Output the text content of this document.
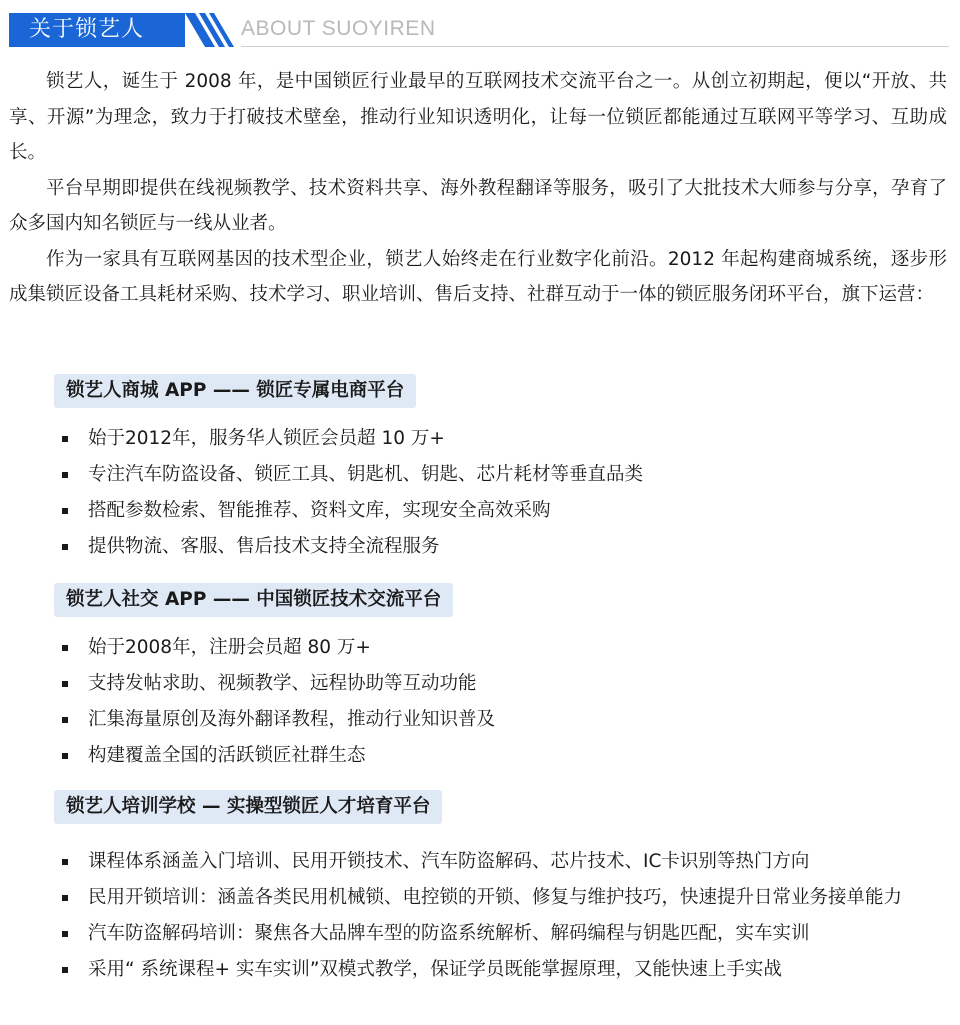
关于锁艺人	ABOUT SUOYIREN

锁艺人，诞生于 2008 年，是中国锁匠行业最早的互联网技术交流平台之一。从创立初期起，便以“开放、共享、开源”为理念，致力于打破技术壁垒，推动行业知识透明化，让每一位锁匠都能通过互联网平等学习、互助成长。

平台早期即提供在线视频教学、技术资料共享、海外教程翻译等服务，吸引了大批技术大师参与分享，孕育了众多国内知名锁匠与一线从业者。

作为一家具有互联网基因的技术型企业，锁艺人始终走在行业数字化前沿。2012 年起构建商城系统，逐步形成集锁匠设备工具耗材采购、技术学习、职业培训、售后支持、社群互动于一体的锁匠服务闭环平台，旗下运营：

锁艺人商城 APP —— 锁匠专属电商平台
始于2012年，服务华人锁匠会员超 10 万+
专注汽车防盗设备、锁匠工具、钥匙机、钥匙、芯片耗材等垂直品类
搭配参数检索、智能推荐、资料文库，实现安全高效采购
提供物流、客服、售后技术支持全流程服务
锁艺人社交 APP —— 中国锁匠技术交流平台
始于2008年，注册会员超 80 万+
支持发帖求助、视频教学、远程协助等互动功能
汇集海量原创及海外翻译教程，推动行业知识普及
构建覆盖全国的活跃锁匠社群生态
锁艺人培训学校 — 实操型锁匠人才培育平台
课程体系涵盖入门培训、民用开锁技术、汽车防盗解码、芯片技术、IC卡识别等热门方向
民用开锁培训：涵盖各类民用机械锁、电控锁的开锁、修复与维护技巧，快速提升日常业务接单能力
汽车防盗解码培训：聚焦各大品牌车型的防盗系统解析、解码编程与钥匙匹配，实车实训
采用“ 系统课程+ 实车实训”双模式教学，保证学员既能掌握原理，又能快速上手实战
